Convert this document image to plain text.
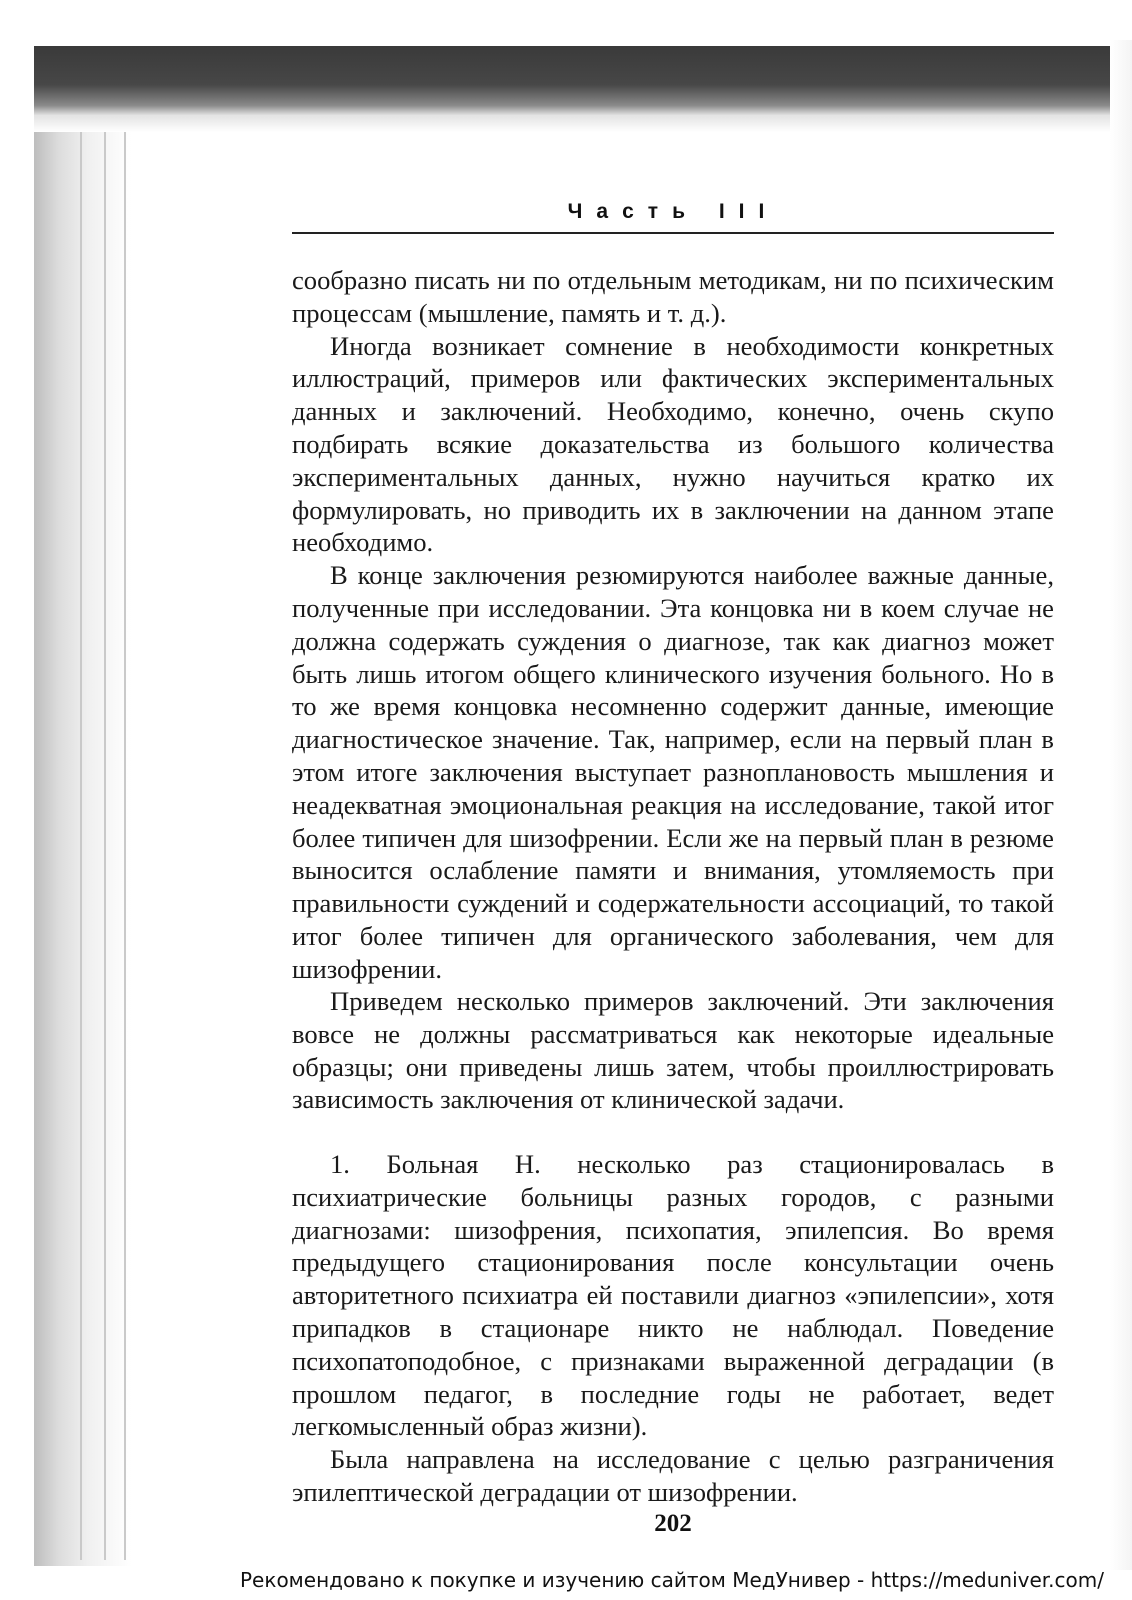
Часть III

сообразно писать ни по отдельным методикам, ни по психическим процессам (мышление, память и т. д.).

Иногда возникает сомнение в необходимости конкретных иллюстраций, примеров или фактических экспериментальных данных и заключений. Необходимо, конечно, очень скупо подбирать всякие доказательства из большого количества экспериментальных данных, нужно научиться кратко их формулировать, но приводить их в заключении на данном этапе необходимо.

В конце заключения резюмируются наиболее важные данные, полученные при исследовании. Эта концовка ни в коем случае не должна содержать суждения о диагнозе, так как диагноз может быть лишь итогом общего клинического изучения больного. Но в то же время концовка несомненно содержит данные, имеющие диагностическое значение. Так, например, если на первый план в этом итоге заключения выступает разноплановость мышления и неадекватная эмоциональная реакция на исследование, такой итог более типичен для шизофрении. Если же на первый план в резюме выносится ослабление памяти и внимания, утомляемость при правильности суждений и содержательности ассоциаций, то такой итог более типичен для органического заболевания, чем для шизофрении.

Приведем несколько примеров заключений. Эти заключения вовсе не должны рассматриваться как некоторые идеальные образцы; они приведены лишь затем, чтобы проиллюстрировать зависимость заключения от клинической задачи.

1. Больная Н. несколько раз стационировалась в психиатрические больницы разных городов, с разными диагнозами: шизофрения, психопатия, эпилепсия. Во время предыдущего стационирования после консультации очень авторитетного психиатра ей поставили диагноз «эпилепсии», хотя припадков в стационаре никто не наблюдал. Поведение психопатоподобное, с признаками выраженной деградации (в прошлом педагог, в последние годы не работает, ведет легкомысленный образ жизни).

Была направлена на исследование с целью разграничения эпилептической деградации от шизофрении.

202
Рекомендовано к покупке и изучению сайтом МедУнивер - https://meduniver.com/
